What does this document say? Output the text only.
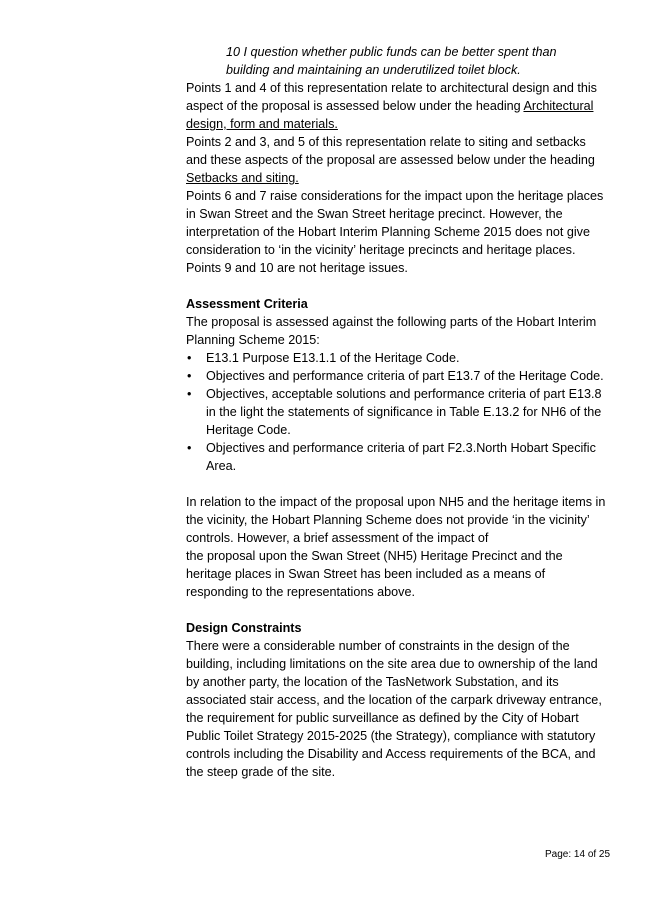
10 I question whether public funds can be better spent than
building and maintaining an underutilized toilet block.

Points 1 and 4 of this representation relate to architectural design and this aspect of the proposal is assessed below under the heading Architectural design, form and materials.

Points 2 and 3, and 5 of this representation relate to siting and setbacks and these aspects of the proposal are assessed below under the heading Setbacks and siting.

Points 6 and 7 raise considerations for the impact upon the heritage places in Swan Street and the Swan Street heritage precinct. However, the interpretation of the Hobart Interim Planning Scheme 2015 does not give consideration to ‘in the vicinity’ heritage precincts and heritage places.

Points 9 and 10 are not heritage issues.

Assessment Criteria

The proposal is assessed against the following parts of the Hobart Interim Planning Scheme 2015:

• E13.1 Purpose E13.1.1 of the Heritage Code.
• Objectives and performance criteria of part E13.7 of the Heritage Code.
• Objectives, acceptable solutions and performance criteria of part E13.8 in the light the statements of significance in Table E.13.2 for NH6 of the Heritage Code.
• Objectives and performance criteria of part F2.3.North Hobart Specific Area.

In relation to the impact of the proposal upon NH5 and the heritage items in the vicinity, the Hobart Planning Scheme does not provide ‘in the vicinity’ controls. However, a brief assessment of the impact of
the proposal upon the Swan Street (NH5) Heritage Precinct and the heritage places in Swan Street has been included as a means of responding to the representations above.

Design Constraints

There were a considerable number of constraints in the design of the building, including limitations on the site area due to ownership of the land by another party, the location of the TasNetwork Substation, and its associated stair access, and the location of the carpark driveway entrance, the requirement for public surveillance as defined by the City of Hobart Public Toilet Strategy 2015-2025 (the Strategy), compliance with statutory controls including the Disability and Access requirements of the BCA, and the steep grade of the site.

Page: 14 of 25
